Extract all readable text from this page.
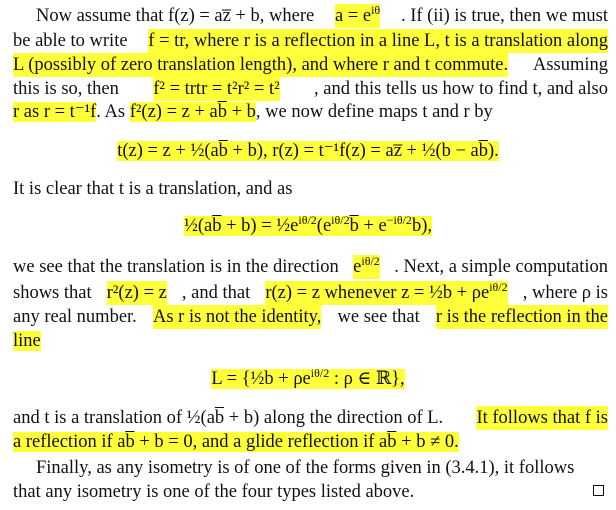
Now assume that f(z) = az̅ + b, where $a = e^{i\theta}$ . If (ii) is true, then we must
be able to write f = tr, where r is a reflection in a line L, t is a translation along
L (possibly of zero translation length), and where r and t commute. Assuming
this is so, then f² = trtr = t²r² = t² , and this tells us how to find t, and also
r as r = t⁻¹f. As f²(z) = z + ab̅ + b, we now define maps t and r by
t(z) = z + ½(ab̅ + b), r(z) = t⁻¹f(z) = az̅ + ½(b − ab̅).
It is clear that t is a translation, and as
½(ab̅ + $b) = \frac{1}{2}e^{i\theta/2}(e^{i\theta/2}b̅ + e^{-i\theta/2}b)$,
we see that the translation is in the direction $e^{i\theta/2}$ . Next, a simple computation
shows that r²(z) = z , and that r(z) = z whenever z = ½b + $\rho e^{i\theta/2}$ , where ρ is
any real number. As r is not the identity, we see that r is the reflection in the
line
L = {½b + $\rho e^{i\theta/2}$ : ρ ∈ ℝ},
and t is a translation of ½(ab̅ + b) along the direction of L. It follows that f is
a reflection if ab̅ + b = 0, and a glide reflection if ab̅ + b ≠ 0.
Finally, as any isometry is of one of the forms given in (3.4.1), it follows
that any isometry is one of the four types listed above.
